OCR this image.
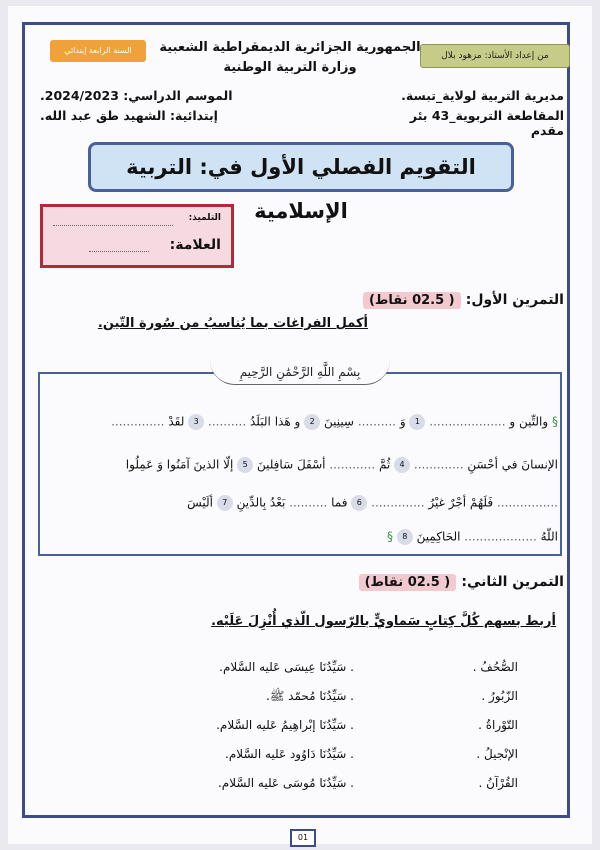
من إعداد الأستاذ: مزهود بلال
السنة الرابعة إبتدائي	الجمهورية الجزائرية الديمقراطية الشعبية
وزارة التربية الوطنية
مديرية التربية لولاية_تبسة.
المقاطعة التربوية_43 بئر مقدم
الموسم الدراسي: 2024/2023.
إبتدائية: الشهيد طق عبد الله.
التقويم الفصلي الأول في: التربية الإسلامية
التلميذ:
العلامة:
التمرين الأول: ( 02.5 نقاط)
أكمل الفراغات بما يُناسبُ من سُورة التّين.
بِسْمِ اللَّهِ الرَّحْمَٰنِ الرَّحِيمِ
§ والتِّين و .................... 1 وَ .......... سِينِينَ 2 و هَذا البَلَدُ .......... 3 لقَدْ ..............
الإنسانَ في أحْسَنِ ............. 4 ثُمَّ ............ أسْفَلَ سَافِلينَ 5 إلّا الذينَ آمَنُوا وَ عَمِلُوا
................ فَلَهُمْ أجْرٌ غيْرُ .............. 6 فما .......... بَعْدُ بِالدِّينِ 7 ألَيْسَ
اللّهُ ................... الحَاكِمِينَ 8 §
التمرين الثاني: ( 02.5 نقاط)
أربط بسهم كُلَّ كِتابٍ سَماويٍّ بالرّسول الّذي أُنْزِلَ عَلَيْه.
الصُّحُفُ .
الزّبُورُ .
التّوْراةُ .
الإنْجيلُ .
القُرْآنُ .
. سَيِّدُنَا عِيسَى عَليه السَّلام.
. سَيِّدُنَا مُحمّد ﷺ.
. سَيِّدُنَا إبْراهِيمُ عَليه السَّلام.
. سَيِّدُنَا دَاوُود عَليه السَّلام.
. سَيِّدُنَا مُوسَى عَليه السَّلام.
01
